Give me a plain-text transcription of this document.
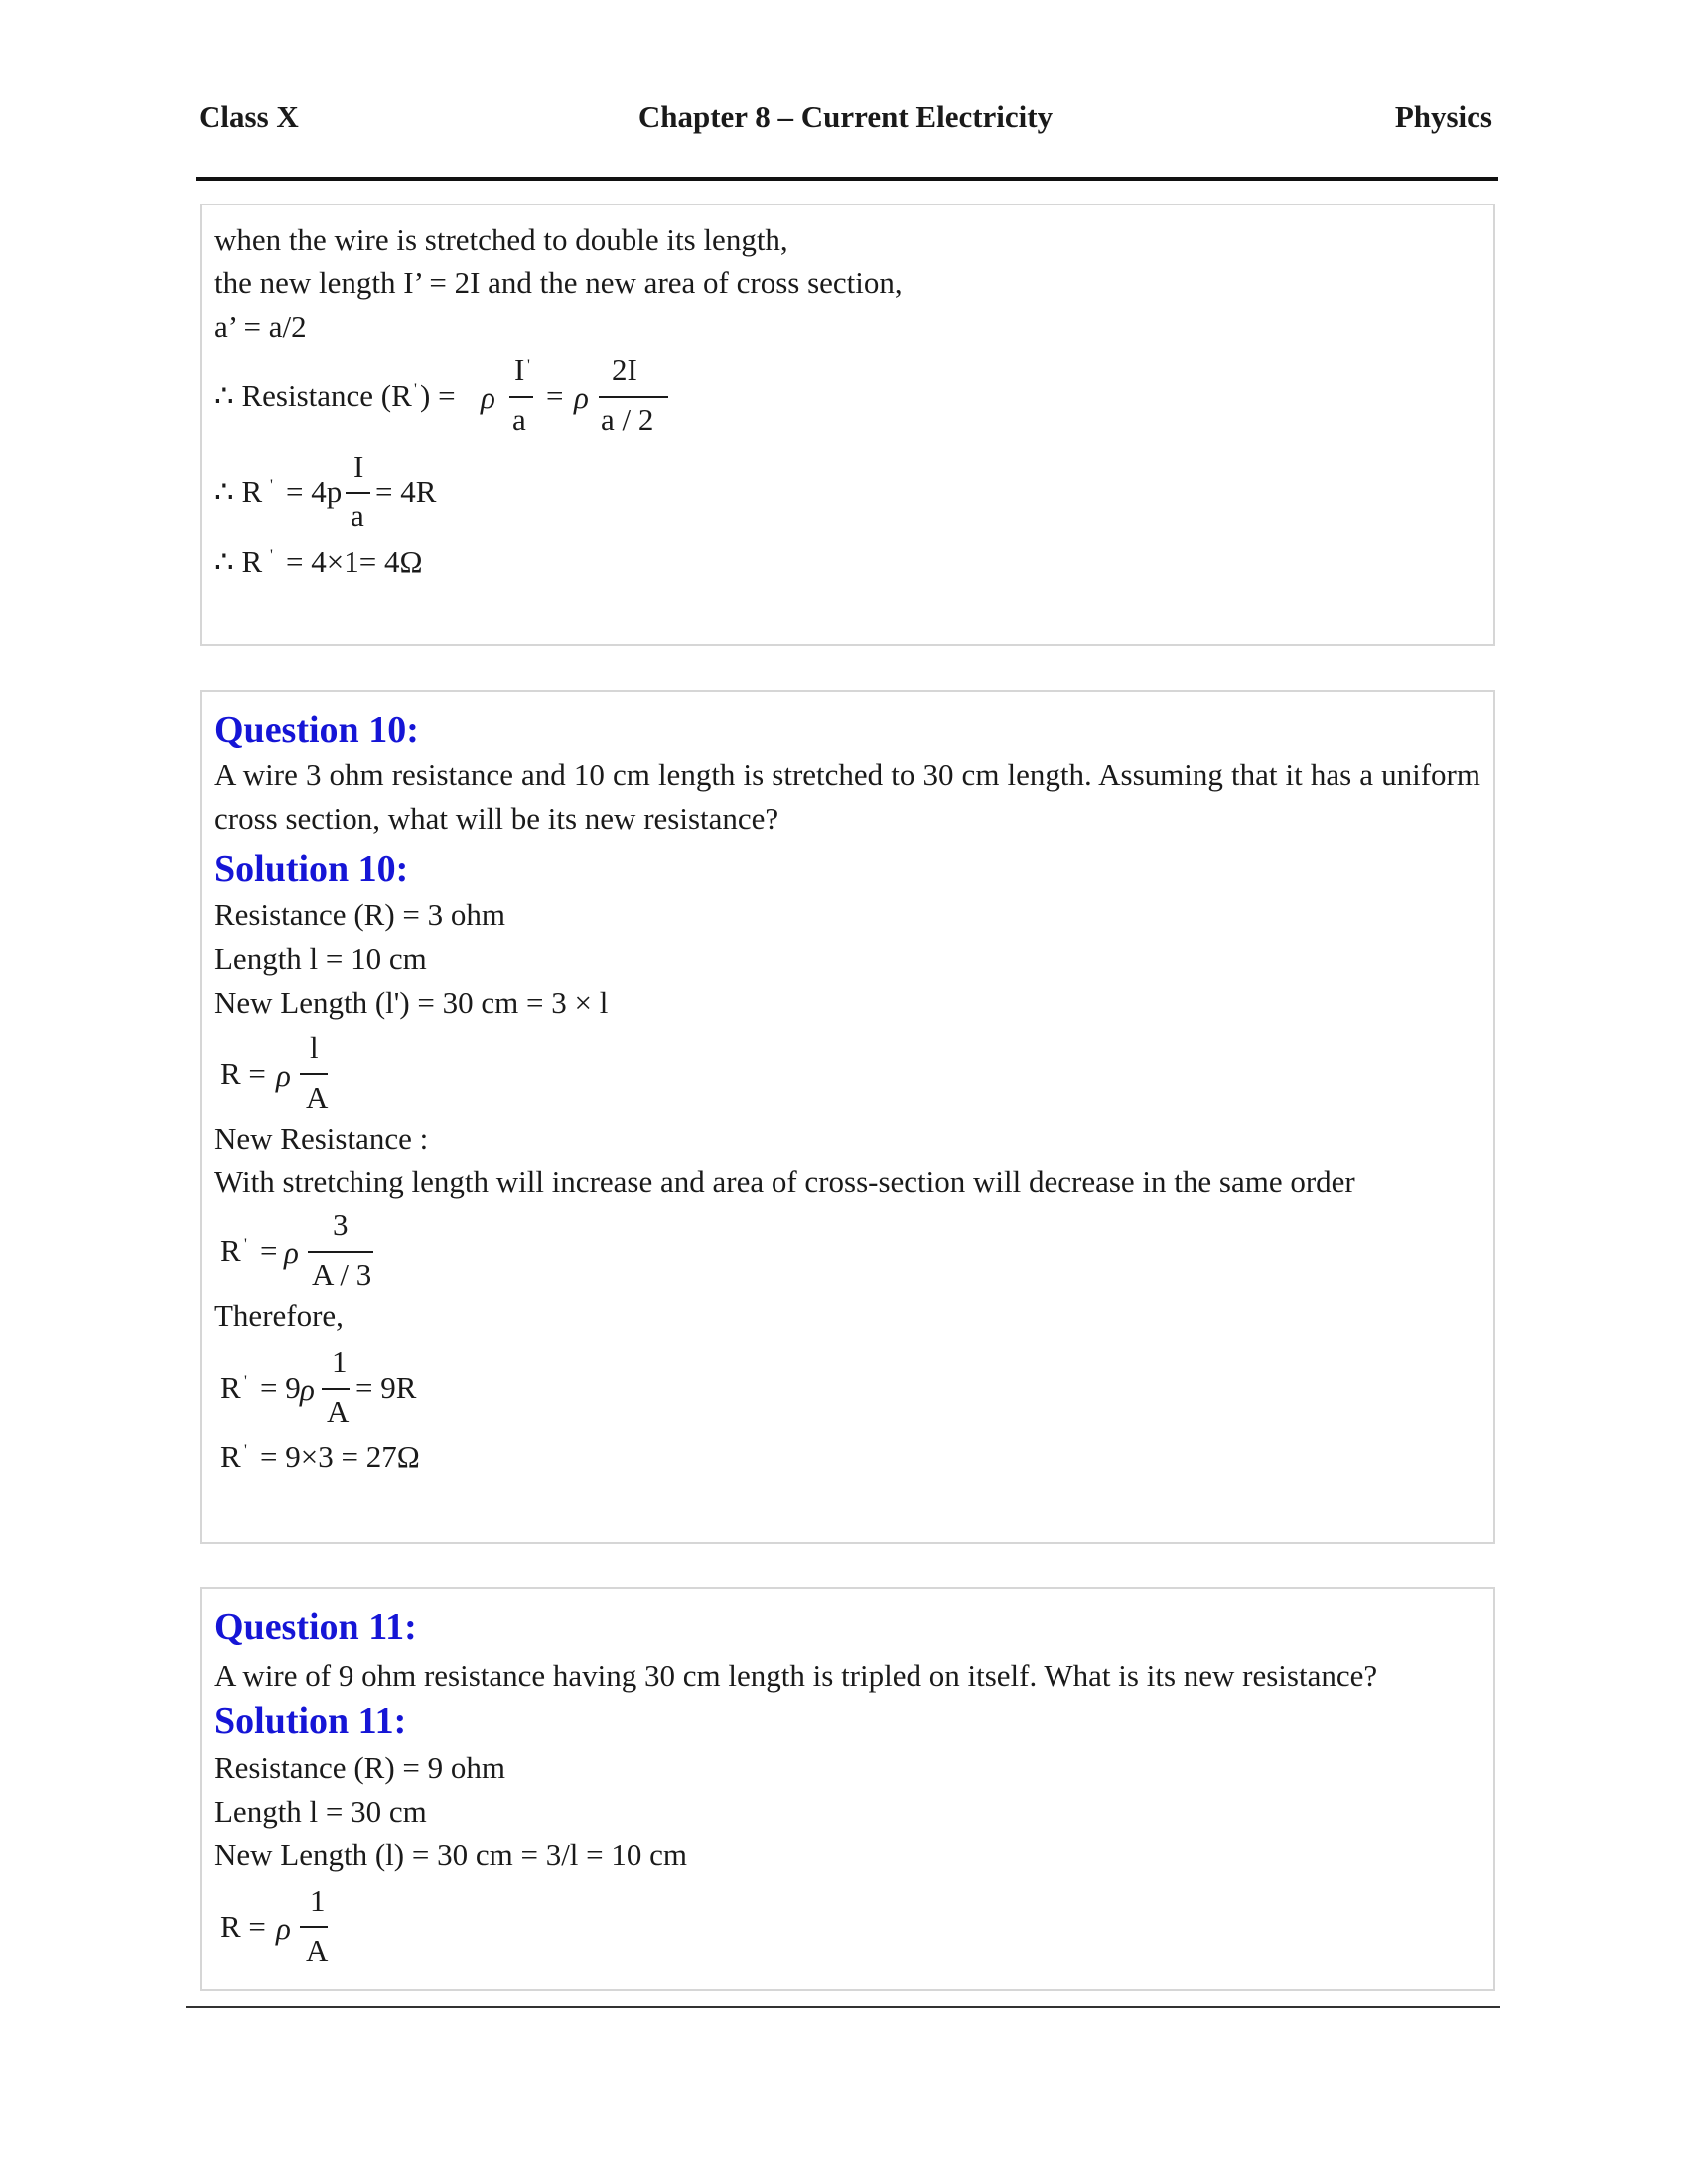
Class X	Chapter 8 – Current Electricity	Physics
when the wire is stretched to double its length,
the new length I’ = 2I and the new area of cross section,
a’ = a/2
∴ Resistance (R ' ) = ρ
I '
a
= ρ
2I
a / 2
∴ R ' = 4p
I
a
= 4R
∴ R ' = 4×1= 4Ω
Question 10:
A wire 3 ohm resistance and 10 cm length is stretched to 30 cm length. Assuming that it has a uniform cross section, what will be its new resistance?
Solution 10:
Resistance (R) = 3 ohm
Length l = 10 cm
New Length (l') = 30 cm = 3 × l
R = ρ
l
A
New Resistance :
With stretching length will increase and area of cross-section will decrease in the same order
R ' = ρ
3
A / 3
Therefore,
R ' = 9 ρ
1
A
= 9R
R ' = 9×3 = 27Ω
Question 11:
A wire of 9 ohm resistance having 30 cm length is tripled on itself. What is its new resistance?
Solution 11:
Resistance (R) = 9 ohm
Length l = 30 cm
New Length (l) = 30 cm = 3/l = 10 cm
R = ρ
1
A
